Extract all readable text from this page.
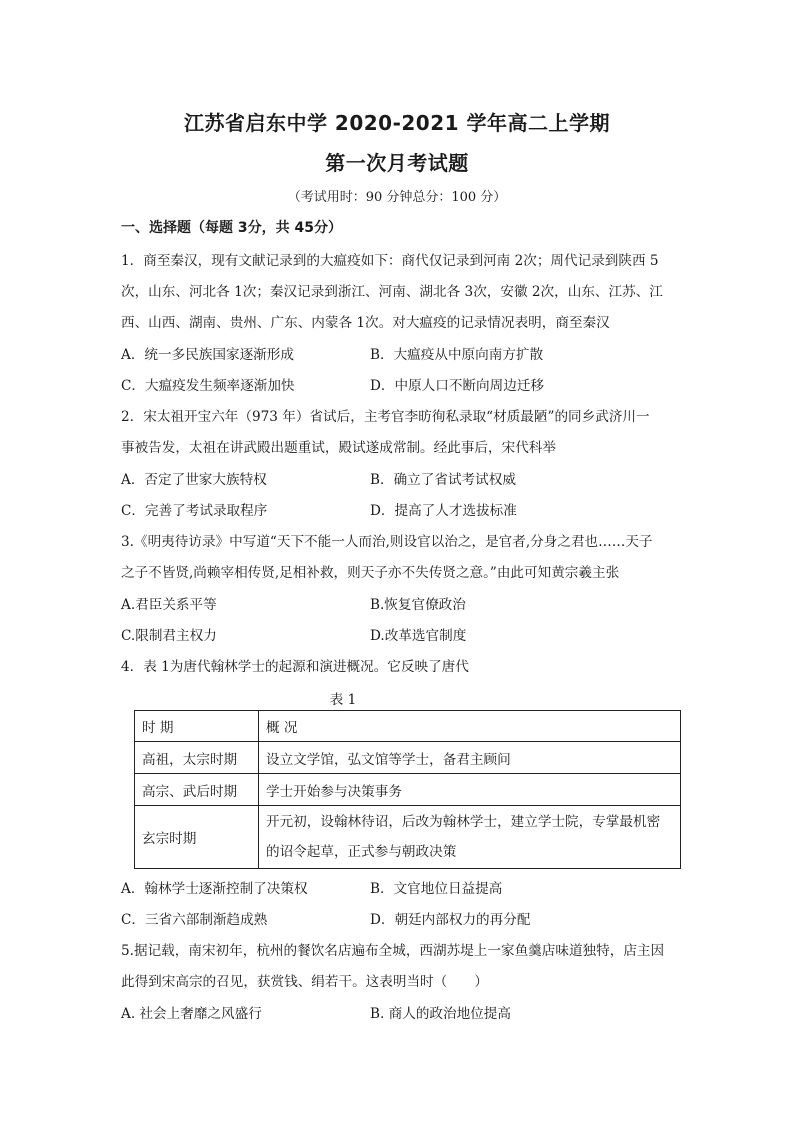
江苏省启东中学 2020-2021 学年高二上学期
第一次月考试题
（考试用时：90 分钟总分：100 分）
一、选择题（每题 3分，共 45分）
1．商至秦汉，现有文献记录到的大瘟疫如下：商代仅记录到河南 2次；周代记录到陕西 5
次，山东、河北各 1次；秦汉记录到浙江、河南、湖北各 3次，安徽 2次，山东、江苏、江
西、山西、湖南、贵州、广东、内蒙各 1次。对大瘟疫的记录情况表明，商至秦汉
A．统一多民族国家逐渐形成	B．大瘟疫从中原向南方扩散
C．大瘟疫发生频率逐渐加快	D．中原人口不断向周边迁移
2．宋太祖开宝六年（973 年）省试后，主考官李昉徇私录取“材质最陋”的同乡武济川一
事被告发，太祖在讲武殿出题重试，殿试遂成常制。经此事后，宋代科举
A．否定了世家大族特权	B．确立了省试考试权威
C．完善了考试录取程序	D．提高了人才选拔标准
3.《明夷待访录》中写道“天下不能一人而治,则设官以治之，是官者,分身之君也……天子
之子不皆贤,尚赖宰相传贤,足相补救，则天子亦不失传贤之意。”由此可知黄宗羲主张
A.君臣关系平等	B.恢复官僚政治
C.限制君主权力	D.改革选官制度
4．表 1为唐代翰林学士的起源和演进概况。它反映了唐代
表 1
时 期	概 况
高祖，太宗时期	设立文学馆，弘文馆等学士，备君主顾问
高宗、武后时期	学士开始参与决策事务
玄宗时期	开元初，设翰林待诏，后改为翰林学士，建立学士院，专掌最机密
的诏令起草，正式参与朝政决策
A．翰林学士逐渐控制了决策权	B．文官地位日益提高
C．三省六部制渐趋成熟	D．朝廷内部权力的再分配
5.据记载，南宋初年，杭州的餐饮名店遍布全城，西湖苏堤上一家鱼羹店味道独特，店主因
此得到宋高宗的召见，获赏钱、绢若干。这表明当时（　　）
A. 社会上奢靡之风盛行	B. 商人的政治地位提高
